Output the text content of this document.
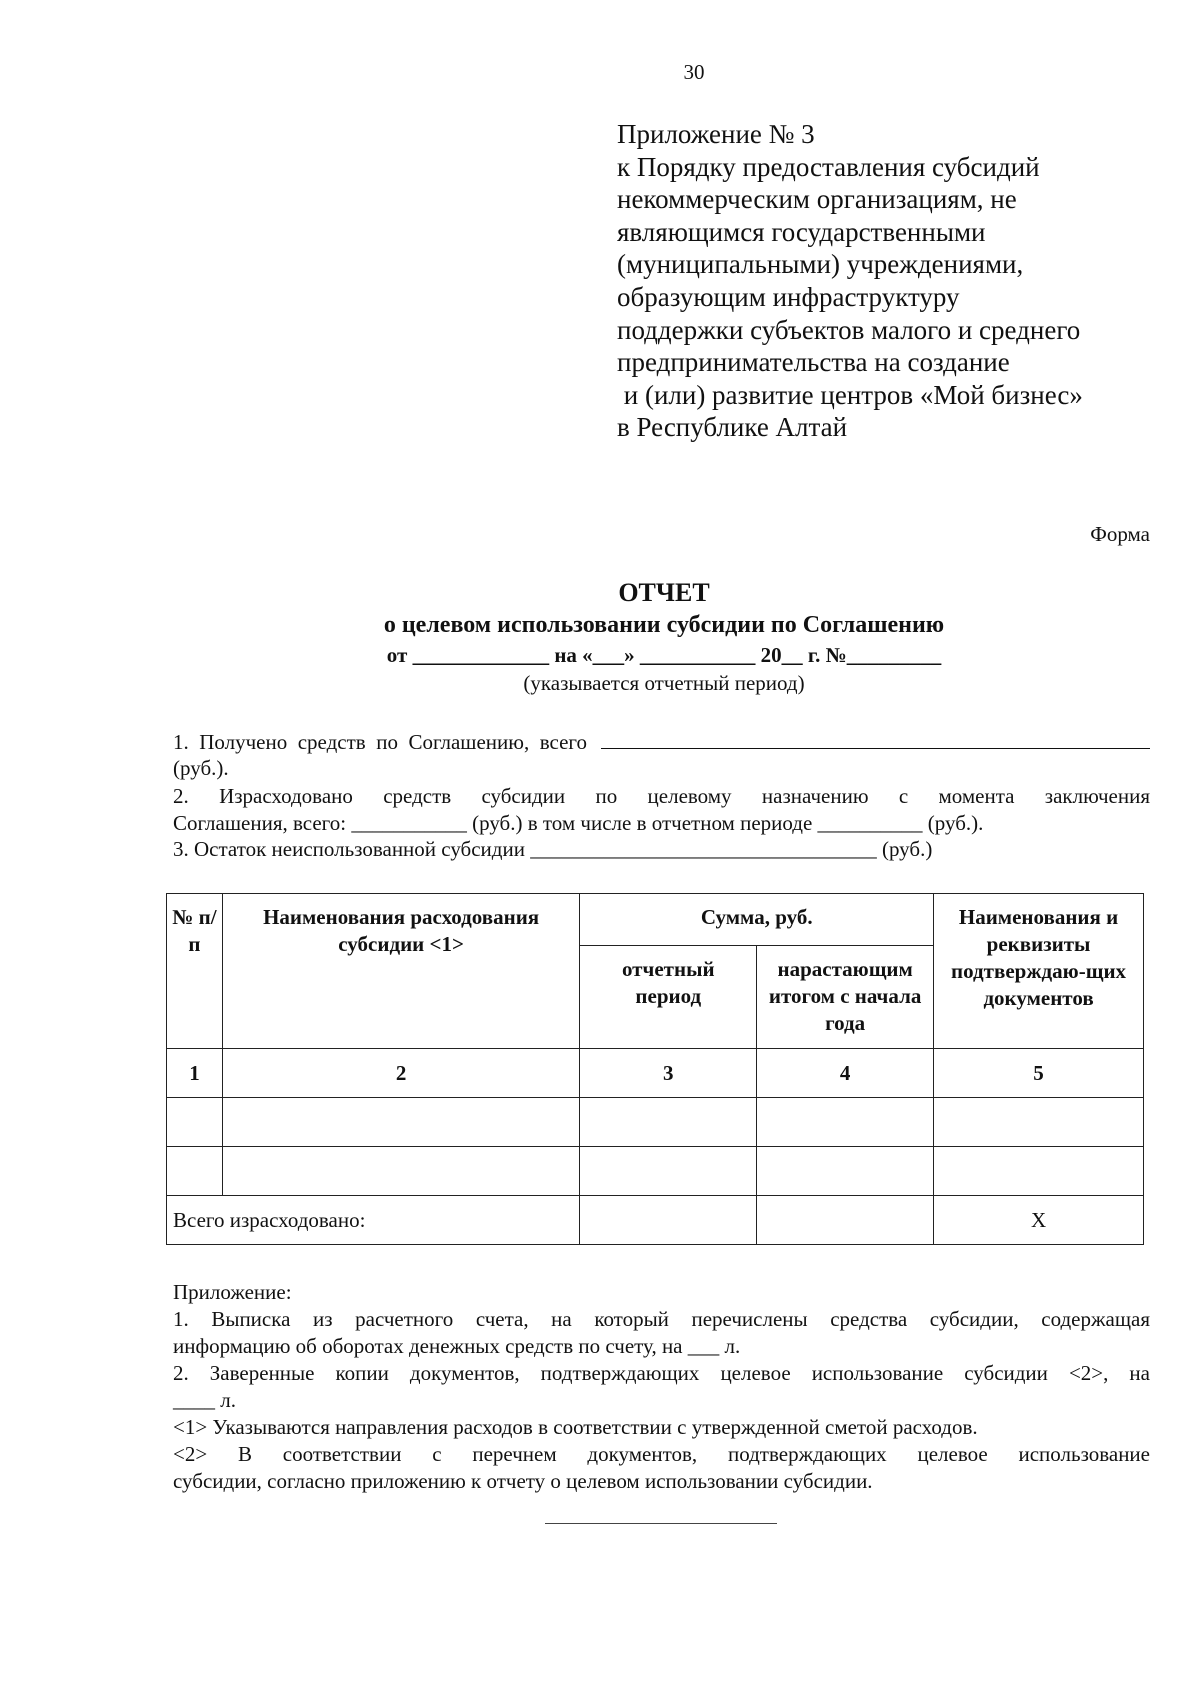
30
Приложение № 3
к Порядку предоставления субсидий
некоммерческим организациям, не
являющимся государственными
(муниципальными) учреждениями,
образующим инфраструктуру
поддержки субъектов малого и среднего
предпринимательства на создание
и (или) развитие центров «Мой бизнес»
в Республике Алтай
Форма
ОТЧЕТ
о целевом использовании субсидии по Соглашению
от _____________ на «___» ___________ 20__ г. №_________
(указывается отчетный период)
1.  Получено  средств  по  Соглашению,  всего
(руб.).
2. Израсходовано средств субсидии по целевому назначению с момента заключения
Соглашения, всего: ___________ (руб.) в том числе в отчетном периоде __________ (руб.).
3. Остаток неиспользованной субсидии _________________________________ (руб.)
№ п/п	Наименования расходования субсидии <1>	Сумма, руб.		Наименования и реквизиты подтверждаю-щих документов
		отчетный период	нарастающим итогом с начала года	
1	2	3	4	5

Всего израсходовано:				X
Приложение:
1. Выписка из расчетного счета, на который перечислены средства субсидии, содержащая
информацию об оборотах денежных средств по счету, на ___ л.
2. Заверенные копии документов, подтверждающих целевое использование субсидии <2>, на
____ л.
<1> Указываются направления расходов в соответствии с утвержденной сметой расходов.
<2> В соответствии с перечнем документов, подтверждающих целевое использование
субсидии, согласно приложению к отчету о целевом использовании субсидии.
